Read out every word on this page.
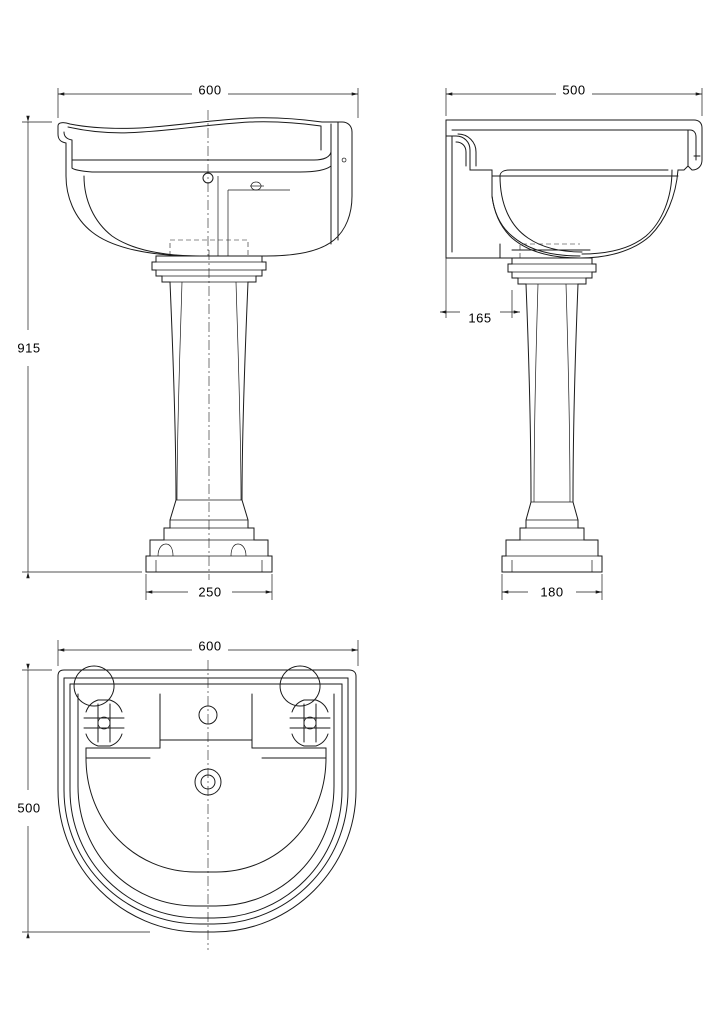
600
915
250
500
165
180
600
500
